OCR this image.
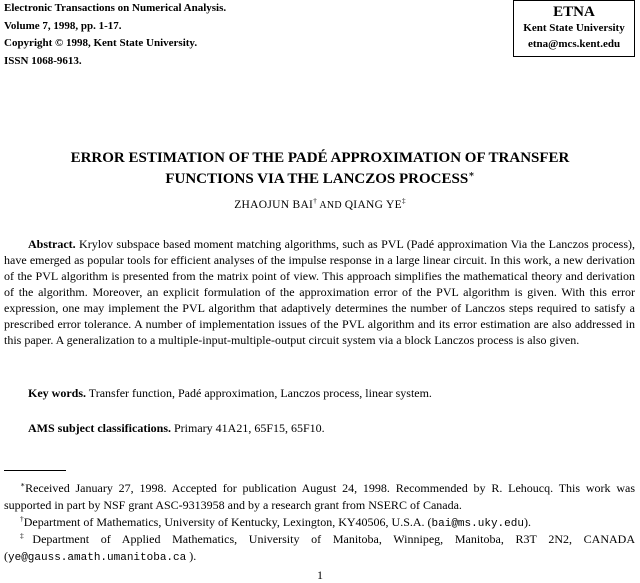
Electronic Transactions on Numerical Analysis.
Volume 7, 1998, pp. 1-17.
Copyright © 1998, Kent State University.
ISSN 1068-9613.
ETNA
Kent State University
etna@mcs.kent.edu
ERROR ESTIMATION OF THE PADÉ APPROXIMATION OF TRANSFER
FUNCTIONS VIA THE LANCZOS PROCESS∗
ZHAOJUN BAI† AND QIANG YE‡

Abstract. Krylov subspace based moment matching algorithms, such as PVL (Padé approximation Via the Lanczos process), have emerged as popular tools for efficient analyses of the impulse response in a large linear circuit. In this work, a new derivation of the PVL algorithm is presented from the matrix point of view. This approach simplifies the mathematical theory and derivation of the algorithm. Moreover, an explicit formulation of the approximation error of the PVL algorithm is given. With this error expression, one may implement the PVL algorithm that adaptively determines the number of Lanczos steps required to satisfy a prescribed error tolerance. A number of implementation issues of the PVL algorithm and its error estimation are also addressed in this paper. A generalization to a multiple-input-multiple-output circuit system via a block Lanczos process is also given.

Key words. Transfer function, Padé approximation, Lanczos process, linear system.
AMS subject classifications. Primary 41A21, 65F15, 65F10.

∗Received January 27, 1998. Accepted for publication August 24, 1998. Recommended by R. Lehoucq. This work was supported in part by NSF grant ASC-9313958 and by a research grant from NSERC of Canada.

†Department of Mathematics, University of Kentucky, Lexington, KY40506, U.S.A. (bai@ms.uky.edu).

‡Department of Applied Mathematics, University of Manitoba, Winnipeg, Manitoba, R3T 2N2, CANADA (ye@gauss.amath.umanitoba.ca ).

1
